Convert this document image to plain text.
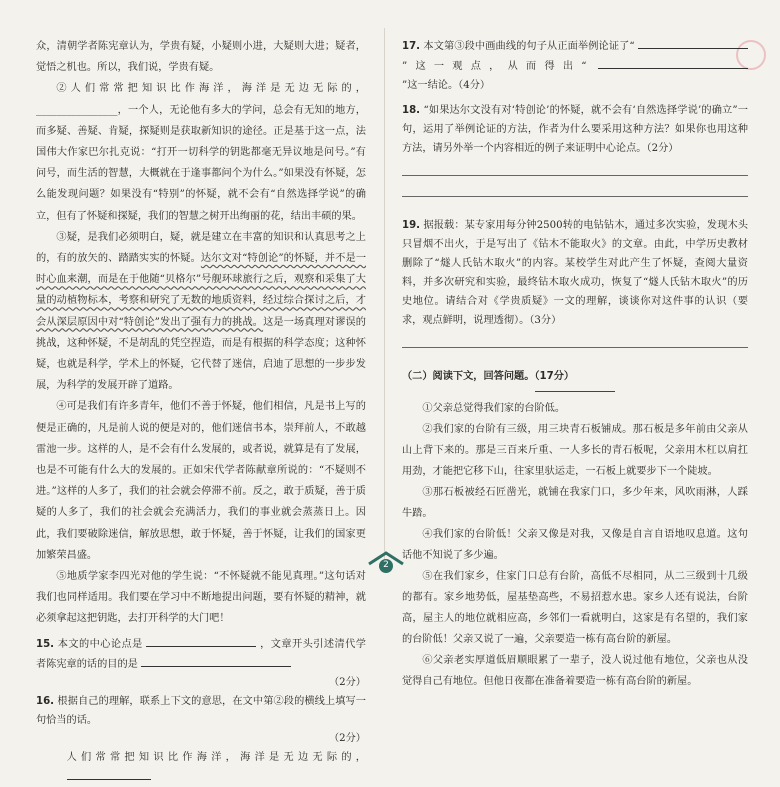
众，清朝学者陈宪章认为，学贵有疑，小疑则小进，大疑则大进；疑者，觉悟之机也。所以，我们说，学贵有疑。

②人们常常把知识比作海洋，海洋是无边无际的，________________，一个人，无论他有多大的学问，总会有无知的地方，而多疑、善疑、肯疑，探疑则是获取新知识的途径。正是基于这一点，法国伟大作家巴尔扎克说：“打开一切科学的钥匙都毫无异议地是问号。”有问号，而生活的智慧，大概就在于逢事都问个为什么。”如果没有怀疑，怎么能发现问题？如果没有“特别”的怀疑，就不会有“自然选择学说”的确立，但有了怀疑和探疑，我们的智慧之树开出绚丽的花，结出丰硕的果。

③疑，是我们必须明白，疑，就是建立在丰富的知识和认真思考之上的，有的放矢的、踏踏实实的怀疑。达尔文对“特创论”的怀疑，并不是一时心血来潮，而是在于他随“贝格尔”号舰环球旅行之后，观察和采集了大量的动植物标本，考察和研究了无数的地质资料，经过综合探讨之后，才会从深层原因中对“特创论”发出了强有力的挑战。这是一场真理对谬误的挑战，这种怀疑，不是胡乱的凭空捏造，而是有根据的科学态度；这种怀疑，也就是科学，学术上的怀疑，它代替了迷信，启迪了思想的一步步发展，为科学的发展开辟了道路。

④可是我们有许多青年，他们不善于怀疑，他们相信，凡是书上写的便是正确的，凡是前人说的便是对的，他们迷信书本，崇拜前人，不敢越雷池一步。这样的人，是不会有什么发展的，或者说，就算是有了发展，也是不可能有什么大的发展的。正如宋代学者陈献章所说的：“不疑则不进。”这样的人多了，我们的社会就会停滞不前。反之，敢于质疑，善于质疑的人多了，我们的社会就会充满活力，我们的事业就会蒸蒸日上。因此，我们要破除迷信，解放思想，敢于怀疑，善于怀疑，让我们的国家更加繁荣昌盛。

⑤地质学家李四光对他的学生说：“不怀疑就不能见真理。”这句话对我们也同样适用。我们要在学习中不断地提出问题，要有怀疑的精神，就必须拿起这把钥匙，去打开科学的大门吧！

15. 本文的中心论点是	，文章开头引述清代学者陈宪章的话的目的是
（2分）
16. 根据自己的理解，联系上下文的意思，在文中第②段的横线上填写一句恰当的话。
（2分）
人们常常把知识比作海洋，海洋是无边无际的，
17. 本文第③段中画曲线的句子从正面举例论证了“  ”这一观点，从而得出“  ”这一结论。（4分）
18. “如果达尔文没有对‘特创论’的怀疑，就不会有‘自然选择学说’的确立”一句，运用了举例论证的方法，作者为什么要采用这种方法？如果你也用这种方法，请另外举一个内容相近的例子来证明中心论点。（2分）
19. 据报载：某专家用每分钟2500转的电钻钻木，通过多次实验，发现木头只冒烟不出火，于是写出了《钻木不能取火》的文章。由此，中学历史教材删除了“燧人氏钻木取火”的内容。某校学生对此产生了怀疑，查阅大量资料，并多次研究和实验，最终钻木取火成功，恢复了“燧人氏钻木取火”的历史地位。请结合对《学贵质疑》一文的理解，谈谈你对这件事的认识（要求，观点鲜明，说理透彻）。（3分）
（二）阅读下文，回答问题。（17分）

①父亲总觉得我们家的台阶低。

②我们家的台阶有三级，用三块青石板铺成。那石板是多年前由父亲从山上背下来的。那是三百来斤重、一人多长的青石板呢，父亲用木杠以肩扛用劲，才能把它移下山，往家里驮运走，一石板上就要步下一个陡坡。

③那石板被经石匠凿光，就铺在我家门口，多少年来，风吹雨淋，人踩牛踏。

④我们家的台阶低！父亲又像是对我，又像是自言自语地叹息道。这句话他不知说了多少遍。

⑤在我们家乡，住家门口总有台阶，高低不尽相同，从二三级到十几级的都有。家乡地势低，屋基垫高些，不易招惹水患。家乡人还有说法，台阶高，屋主人的地位就相应高，乡邻们一看就明白，这家是有名望的，我们家的台阶低！父亲又说了一遍，父亲要造一栋有高台阶的新屋。

⑥父亲老实厚道低眉顺眼累了一辈子，没人说过他有地位，父亲也从没觉得自己有地位。但他日夜都在准备着要造一栋有高台阶的新屋。

2
